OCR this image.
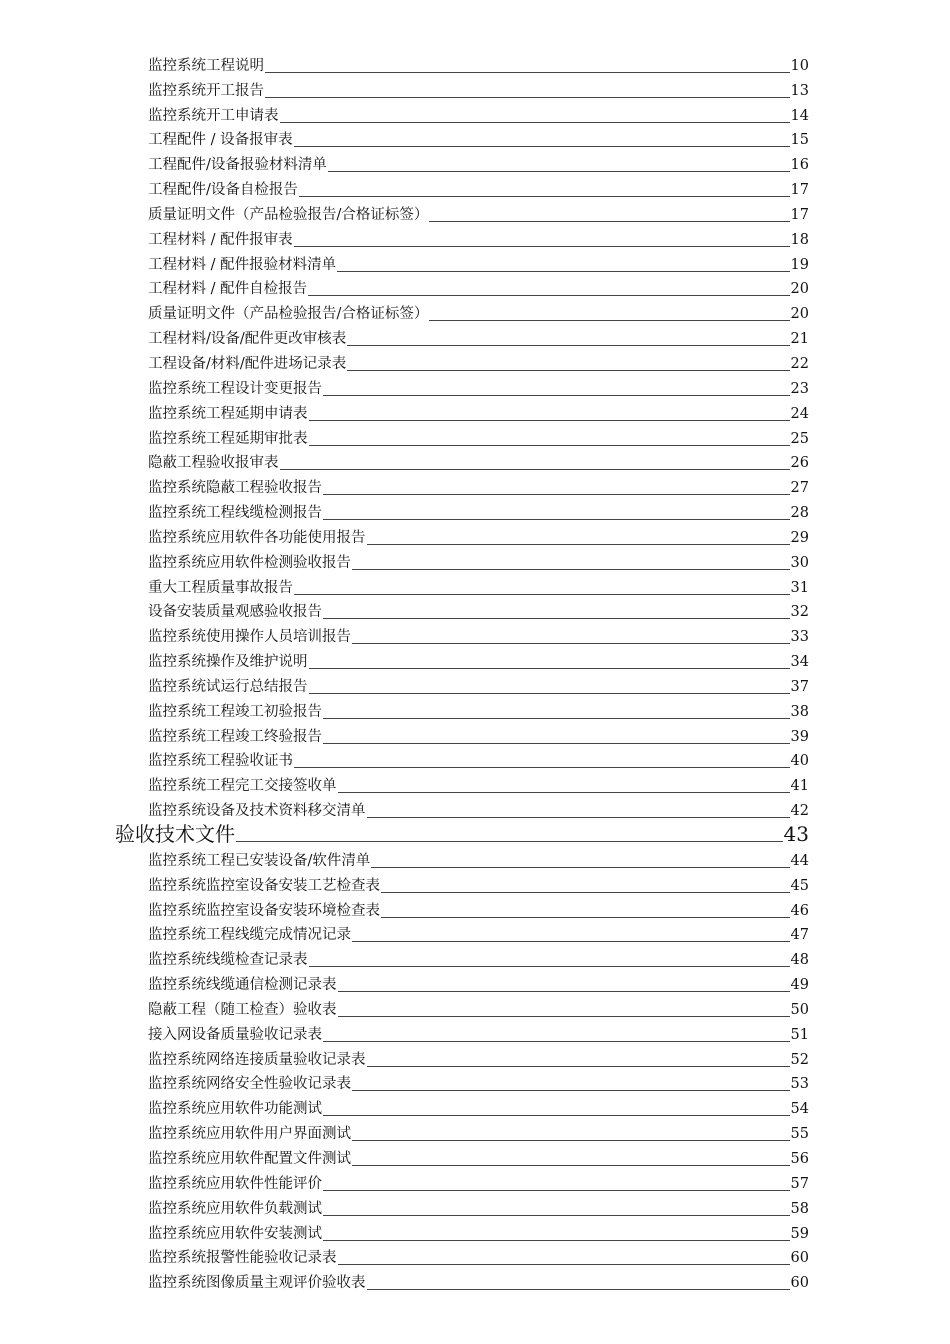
监控系统工程说明	10
监控系统开工报告	13
监控系统开工申请表	14
工程配件 / 设备报审表	15
工程配件/设备报验材料清单	16
工程配件/设备自检报告	17
质量证明文件（产品检验报告/合格证标签）	17
工程材料 / 配件报审表	18
工程材料 / 配件报验材料清单	19
工程材料 / 配件自检报告	20
质量证明文件（产品检验报告/合格证标签）	20
工程材料/设备/配件更改审核表	21
工程设备/材料/配件进场记录表	22
监控系统工程设计变更报告	23
监控系统工程延期申请表	24
监控系统工程延期审批表	25
隐蔽工程验收报审表	26
监控系统隐蔽工程验收报告	27
监控系统工程线缆检测报告	28
监控系统应用软件各功能使用报告	29
监控系统应用软件检测验收报告	30
重大工程质量事故报告	31
设备安装质量观感验收报告	32
监控系统使用操作人员培训报告	33
监控系统操作及维护说明	34
监控系统试运行总结报告	37
监控系统工程竣工初验报告	38
监控系统工程竣工终验报告	39
监控系统工程验收证书	40
监控系统工程完工交接签收单	41
监控系统设备及技术资料移交清单	42
验收技术文件	43
监控系统工程已安装设备/软件清单	44
监控系统监控室设备安装工艺检查表	45
监控系统监控室设备安装环境检查表	46
监控系统工程线缆完成情况记录	47
监控系统线缆检查记录表	48
监控系统线缆通信检测记录表	49
隐蔽工程（随工检查）验收表	50
接入网设备质量验收记录表	51
监控系统网络连接质量验收记录表	52
监控系统网络安全性验收记录表	53
监控系统应用软件功能测试	54
监控系统应用软件用户界面测试	55
监控系统应用软件配置文件测试	56
监控系统应用软件性能评价	57
监控系统应用软件负载测试	58
监控系统应用软件安装测试	59
监控系统报警性能验收记录表	60
监控系统图像质量主观评价验收表	60
